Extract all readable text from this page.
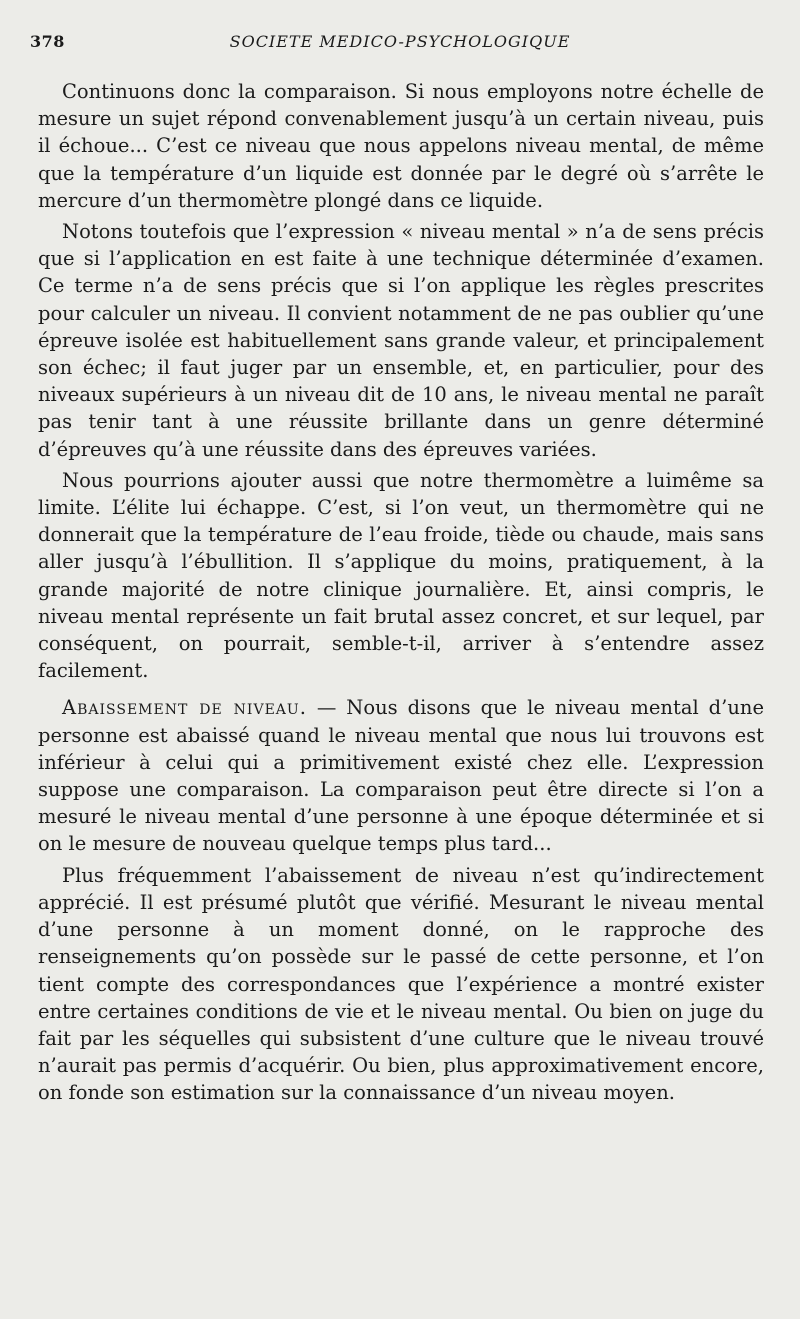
378	SOCIETE MEDICO-PSYCHOLOGIQUE

Continuons donc la comparaison. Si nous employons notre échelle de mesure un sujet répond convenablement jusqu’à un certain niveau, puis il échoue... C’est ce niveau que nous appelons niveau mental, de même que la température d’un liquide est donnée par le degré où s’arrête le mercure d’un thermomètre plongé dans ce liquide.

Notons toutefois que l’expression « niveau mental » n’a de sens précis que si l’application en est faite à une technique déterminée d’examen. Ce terme n’a de sens précis que si l’on applique les règles prescrites pour calculer un niveau. Il convient notamment de ne pas oublier qu’une épreuve isolée est habituellement sans grande valeur, et principalement son échec; il faut juger par un ensemble, et, en particulier, pour des niveaux supérieurs à un niveau dit de 10 ans, le niveau mental ne paraît pas tenir tant à une réussite brillante dans un genre déterminé d’épreuves qu’à une réussite dans des épreuves variées.

Nous pourrions ajouter aussi que notre thermomètre a luimême sa limite. L’élite lui échappe. C’est, si l’on veut, un thermomètre qui ne donnerait que la température de l’eau froide, tiède ou chaude, mais sans aller jusqu’à l’ébullition. Il s’applique du moins, pratiquement, à la grande majorité de notre clinique journalière. Et, ainsi compris, le niveau mental représente un fait brutal assez concret, et sur lequel, par conséquent, on pourrait, semble-t-il, arriver à s’entendre assez facilement.

Abaissement de niveau. — Nous disons que le niveau mental d’une personne est abaissé quand le niveau mental que nous lui trouvons est inférieur à celui qui a primitivement existé chez elle. L’expression suppose une comparaison. La comparaison peut être directe si l’on a mesuré le niveau mental d’une personne à une époque déterminée et si on le mesure de nouveau quelque temps plus tard...

Plus fréquemment l’abaissement de niveau n’est qu’indirectement apprécié. Il est présumé plutôt que vérifié. Mesurant le niveau mental d’une personne à un moment donné, on le rapproche des renseignements qu’on possède sur le passé de cette personne, et l’on tient compte des correspondances que l’expérience a montré exister entre certaines conditions de vie et le niveau mental. Ou bien on juge du fait par les séquelles qui subsistent d’une culture que le niveau trouvé n’aurait pas permis d’acquérir. Ou bien, plus approximativement encore, on fonde son estimation sur la connaissance d’un niveau moyen.
